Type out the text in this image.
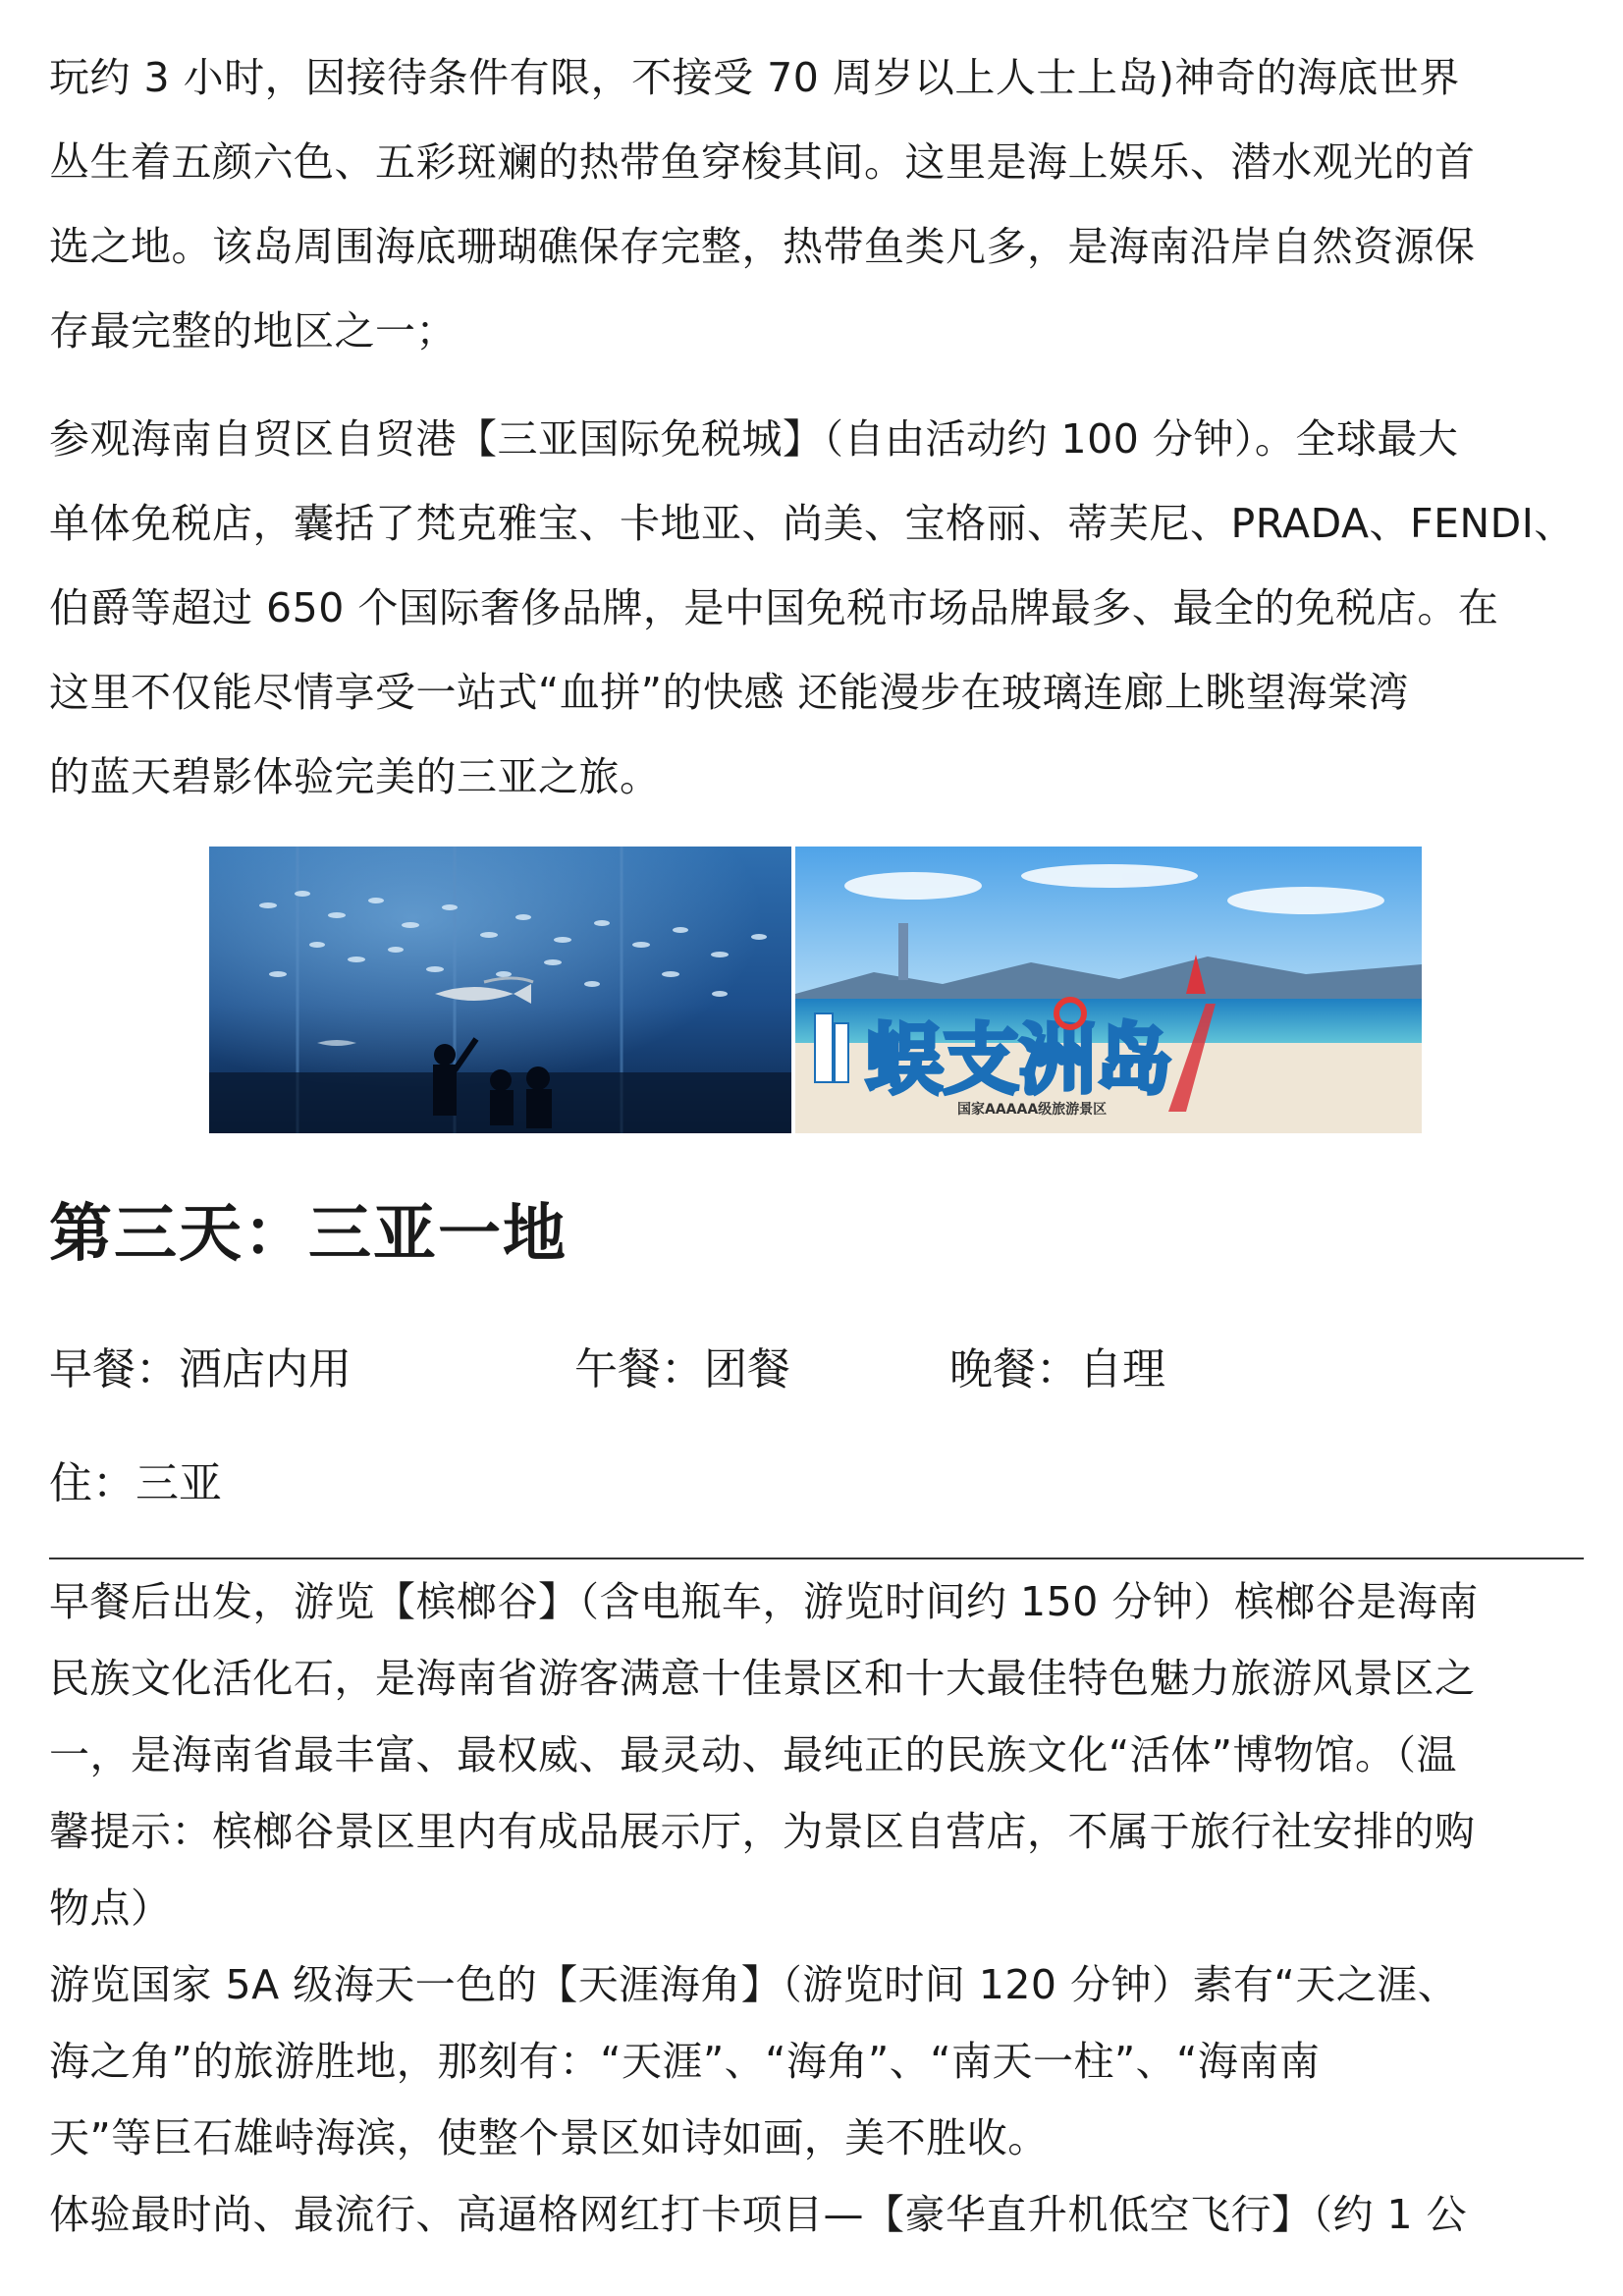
玩约 3 小时，因接待条件有限，不接受 70 周岁以上人士上岛)神奇的海底世界

丛生着五颜六色、五彩斑斓的热带鱼穿梭其间。这里是海上娱乐、潜水观光的首

选之地。该岛周围海底珊瑚礁保存完整，热带鱼类凡多，是海南沿岸自然资源保

存最完整的地区之一；

参观海南自贸区自贸港【三亚国际免税城】（自由活动约 100 分钟）。全球最大

单体免税店，囊括了梵克雅宝、卡地亚、尚美、宝格丽、蒂芙尼、PRADA、FENDI、

伯爵等超过 650 个国际奢侈品牌，是中国免税市场品牌最多、最全的免税店。在

这里不仅能尽情享受一站式“血拼”的快感 还能漫步在玻璃连廊上眺望海棠湾

的蓝天碧影体验完美的三亚之旅。

蜈支洲岛
国家AAAAA级旅游景区
第三天：三亚一地
早餐：酒店内用	午餐：团餐	晚餐：自理
住：三亚

早餐后出发，游览【槟榔谷】（含电瓶车，游览时间约 150 分钟）槟榔谷是海南

民族文化活化石，是海南省游客满意十佳景区和十大最佳特色魅力旅游风景区之

一，是海南省最丰富、最权威、最灵动、最纯正的民族文化“活体”博物馆。（温

馨提示：槟榔谷景区里内有成品展示厅，为景区自营店，不属于旅行社安排的购

物点）

游览国家 5A 级海天一色的【天涯海角】（游览时间 120 分钟）素有“天之涯、

海之角”的旅游胜地，那刻有：“天涯”、“海角”、“南天一柱”、“海南南

天”等巨石雄峙海滨，使整个景区如诗如画，美不胜收。

体验最时尚、最流行、高逼格网红打卡项目—【豪华直升机低空飞行】（约 1 公
